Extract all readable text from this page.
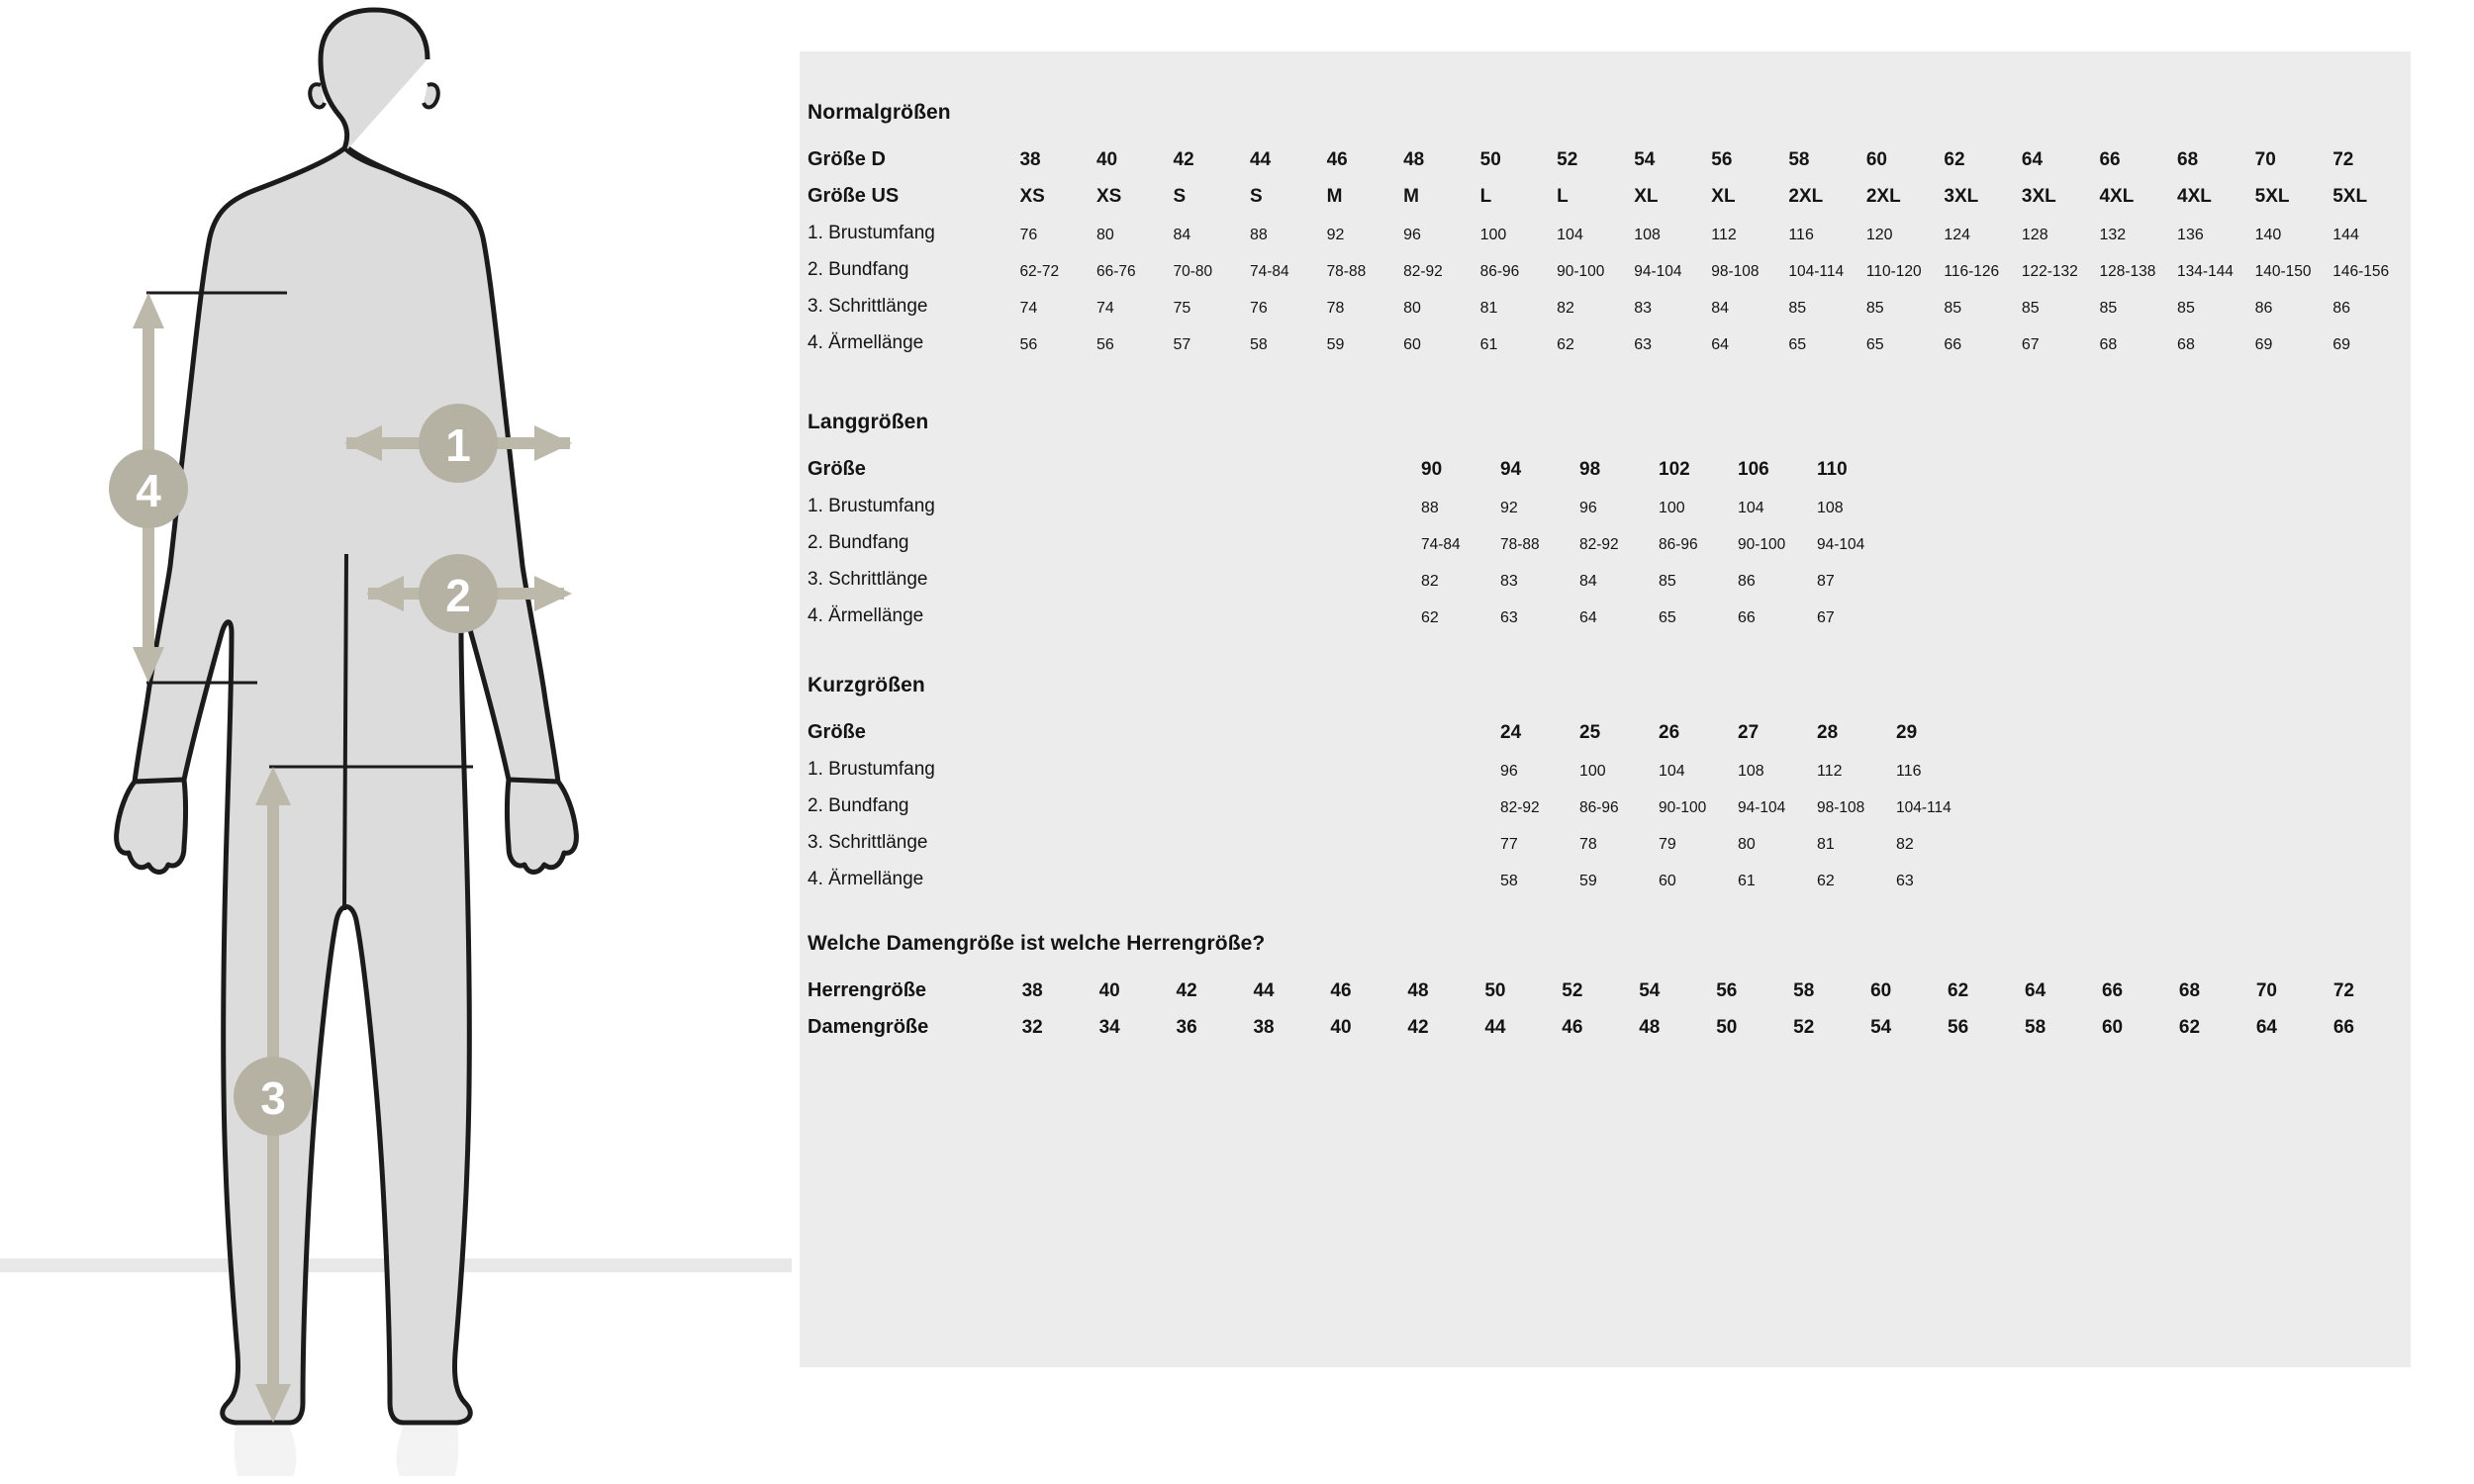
1
2
3
4
Normalgrößen
Größe D	38	40	42	44	46	48	50	52	54	56	58	60	62	64	66	68	70	72
Größe US	XS	XS	S	S	M	M	L	L	XL	XL	2XL	2XL	3XL	3XL	4XL	4XL	5XL	5XL
1. Brustumfang	76	80	84	88	92	96	100	104	108	112	116	120	124	128	132	136	140	144
2. Bundfang	62-72	66-76	70-80	74-84	78-88	82-92	86-96	90-100	94-104	98-108	104-114	110-120	116-126	122-132	128-138	134-144	140-150	146-156
3. Schrittlänge	74	74	75	76	78	80	81	82	83	84	85	85	85	85	85	85	86	86
4. Ärmellänge	56	56	57	58	59	60	61	62	63	64	65	65	66	67	68	68	69	69
Langgrößen
Größe						90	94	98	102	106	110
1. Brustumfang						88	92	96	100	104	108
2. Bundfang						74-84	78-88	82-92	86-96	90-100	94-104
3. Schrittlänge						82	83	84	85	86	87
4. Ärmellänge						62	63	64	65	66	67
Kurzgrößen
Größe							24	25	26	27	28	29
1. Brustumfang							96	100	104	108	112	116
2. Bundfang							82-92	86-96	90-100	94-104	98-108	104-114
3. Schrittlänge							77	78	79	80	81	82
4. Ärmellänge							58	59	60	61	62	63
Welche Damengröße ist welche Herrengröße?
Herrengröße	38	40	42	44	46	48	50	52	54	56	58	60	62	64	66	68	70	72
Damengröße	32	34	36	38	40	42	44	46	48	50	52	54	56	58	60	62	64	66
